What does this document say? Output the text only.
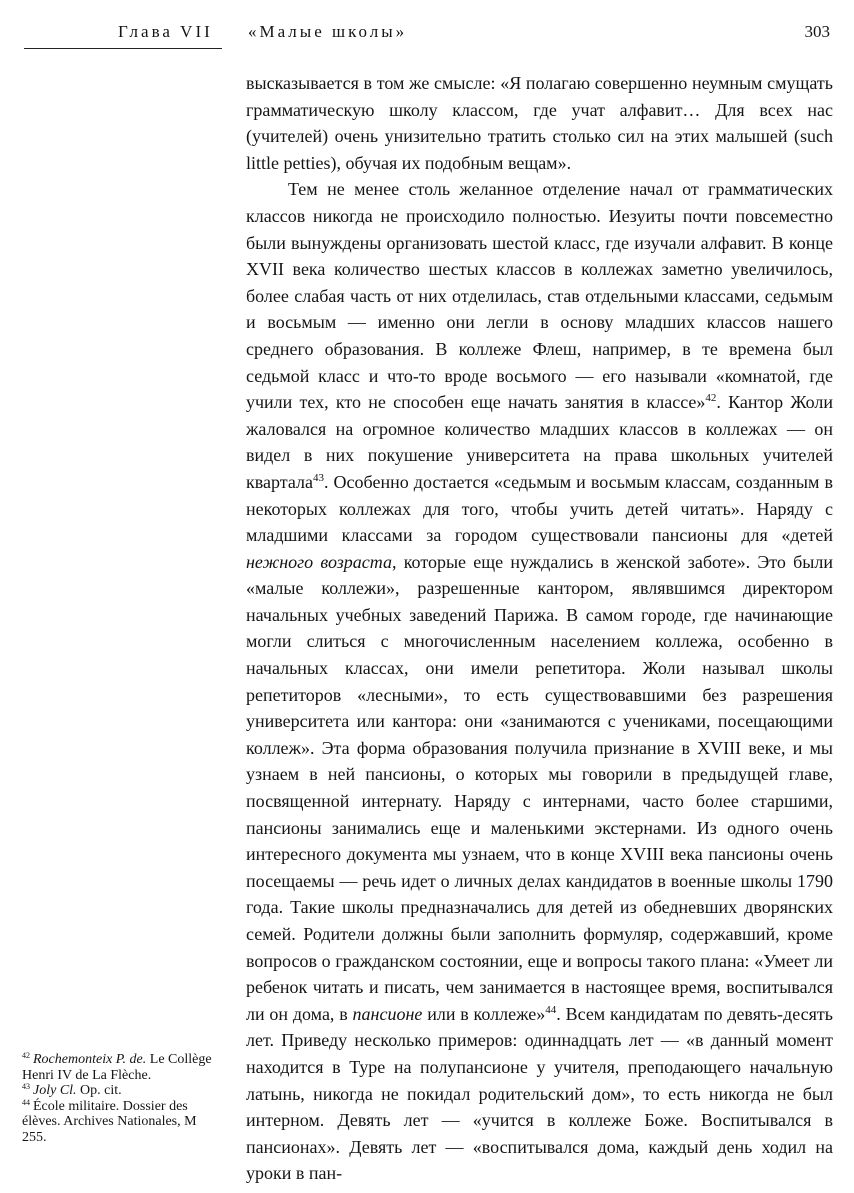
Глава VII «Малые школы»	303

высказывается в том же смысле: «Я полагаю совершенно неумным смущать грамматическую школу классом, где учат алфавит… Для всех нас (учителей) очень унизительно тратить столько сил на этих малышей (such little petties), обучая их подобным вещам».

Тем не менее столь желанное отделение начал от грамматических классов никогда не происходило полностью. Иезуиты почти повсеместно были вынуждены организовать шестой класс, где изучали алфавит. В конце XVII века количество шестых классов в коллежах заметно увеличилось, более слабая часть от них отделилась, став отдельными классами, седьмым и восьмым — именно они легли в основу младших классов нашего среднего образования. В коллеже Флеш, например, в те времена был седьмой класс и что-то вроде восьмого — его называли «комнатой, где учили тех, кто не способен еще начать занятия в классе»$^{42}$. Кантор Жоли жаловался на огромное количество младших классов в коллежах — он видел в них покушение университета на права школьных учителей квартала$^{43}$. Особенно достается «седьмым и восьмым классам, созданным в некоторых коллежах для того, чтобы учить детей читать». Наряду с младшими классами за городом существовали пансионы для «детей нежного возраста, которые еще нуждались в женской заботе». Это были «малые коллежи», разрешенные кантором, являвшимся директором начальных учебных заведений Парижа. В самом городе, где начинающие могли слиться с многочисленным населением коллежа, особенно в начальных классах, они имели репетитора. Жоли называл школы репетиторов «лесными», то есть существовавшими без разрешения университета или кантора: они «занимаются с учениками, посещающими коллеж». Эта форма образования получила признание в XVIII веке, и мы узнаем в ней пансионы, о которых мы говорили в предыдущей главе, посвященной интернату. Наряду с интернами, часто более старшими, пансионы занимались еще и маленькими экстернами. Из одного очень интересного документа мы узнаем, что в конце XVIII века пансионы очень посещаемы — речь идет о личных делах кандидатов в военные школы 1790 года. Такие школы предназначались для детей из обедневших дворянских семей. Родители должны были заполнить формуляр, содержавший, кроме вопросов о гражданском состоянии, еще и вопросы такого плана: «Умеет ли ребенок читать и писать, чем занимается в настоящее время, воспитывался ли он дома, в пансионе или в коллеже»$^{44}$. Всем кандидатам по девять-десять лет. Приведу несколько примеров: одиннадцать лет — «в данный момент находится в Туре на полупансионе у учителя, преподающего начальную латынь, никогда не покидал родительский дом», то есть никогда не был интерном. Девять лет — «учится в коллеже Боже. Воспитывался в пансионах». Девять лет — «воспитывался дома, каждый день ходил на уроки в пан-

$^{42}$ Rochemonteix P. de. Le Collège Henri IV de La Flèche.

$^{43}$ Joly Cl. Op. cit.

$^{44}$ École militaire. Dossier des élèves. Archives Nationales, M 255.
